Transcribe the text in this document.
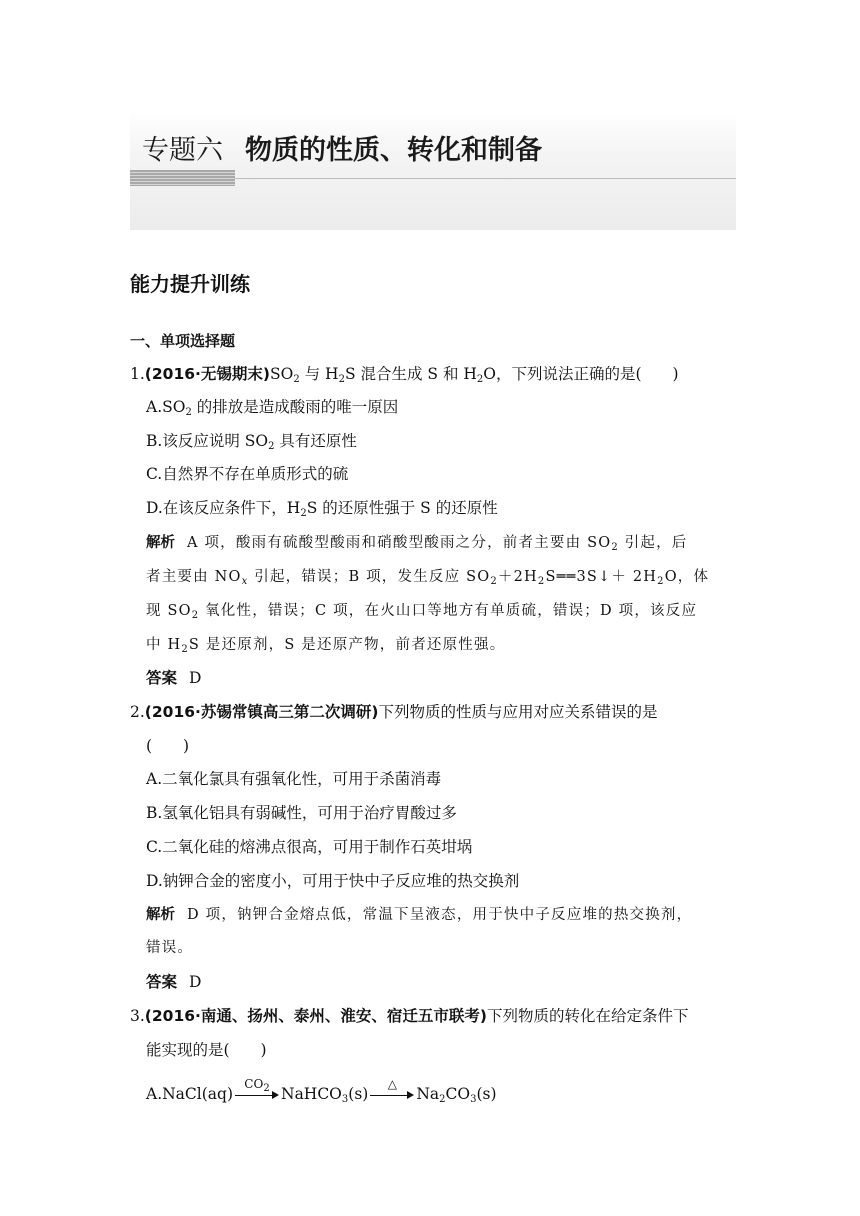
专题六 物质的性质、转化和制备
能力提升训练
一、单项选择题
1.(2016·无锡期末)$SO_2$ 与 $H_2S$ 混合生成 S 和 $H_2O$，下列说法正确的是(　　)
$A.SO_2$ 的排放是造成酸雨的唯一原因
B.该反应说明 $SO_2$ 具有还原性
C.自然界不存在单质形式的硫
D.在该反应条件下，$H_2S$ 的还原性强于 S 的还原性
解析 A 项，酸雨有硫酸型酸雨和硝酸型酸雨之分，前者主要由 $SO_2$ 引起，后
者主要由 $NO_x$ 引起，错误；B 项，发生反应 $SO_2+2H_2S══3S↓+ 2H_2O$，体
现 $SO_2$ 氧化性，错误；C 项，在火山口等地方有单质硫，错误；D 项，该反应
中 $H_2S$ 是还原剂，S 是还原产物，前者还原性强。
答案 D
2.(2016·苏锡常镇高三第二次调研)下列物质的性质与应用对应关系错误的是
(　　)
A.二氧化氯具有强氧化性，可用于杀菌消毒
B.氢氧化铝具有弱碱性，可用于治疗胃酸过多
C.二氧化硅的熔沸点很高，可用于制作石英坩埚
D.钠钾合金的密度小，可用于快中子反应堆的热交换剂
解析 D 项，钠钾合金熔点低，常温下呈液态，用于快中子反应堆的热交换剂，
错误。
答案 D
3.(2016·南通、扬州、泰州、淮安、宿迁五市联考)下列物质的转化在给定条件下
能实现的是(　　)
A.NaCl(aq)
$CO_2$ NaHCO$_3$(s)
△
$Na_2CO_3(s)$
